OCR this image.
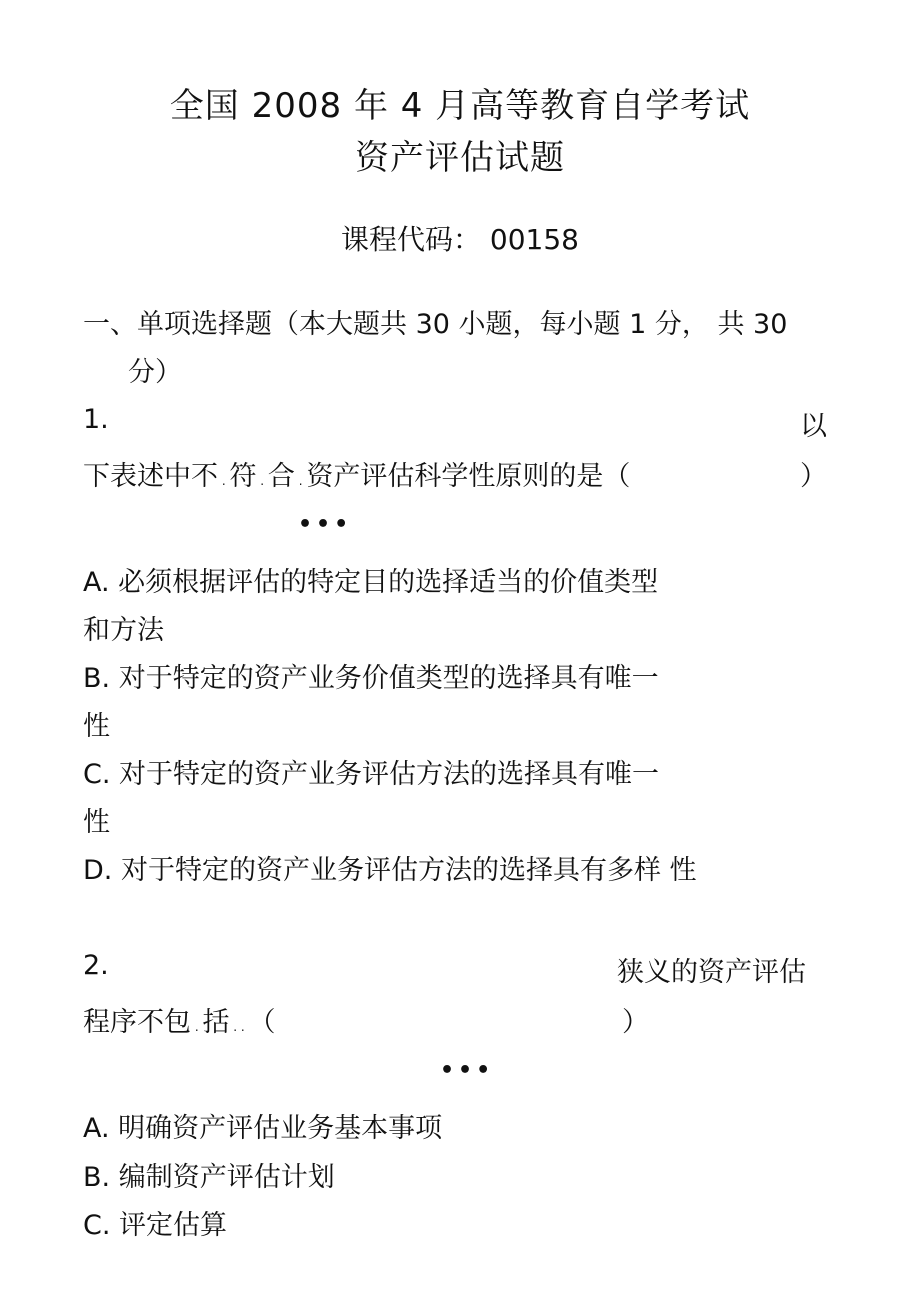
全国 2008 年 4 月高等教育自学考试
资产评估试题
课程代码： 00158
一、单项选择题（本大题共 30 小题，每小题 1 分， 共 30
分）
1.	以
下表述中不 . 符 . 合 . 资产评估科学性原则的是（	）
•••
A. 必须根据评估的特定目的选择适当的价值类型
和方法
B. 对于特定的资产业务价值类型的选择具有唯一
性
C. 对于特定的资产业务评估方法的选择具有唯一
性
D. 对于特定的资产业务评估方法的选择具有多样 性
2.	狭义的资产评估
程序不包 . 括 . . （	）
•••
A. 明确资产评估业务基本事项
B. 编制资产评估计划
C. 评定估算
